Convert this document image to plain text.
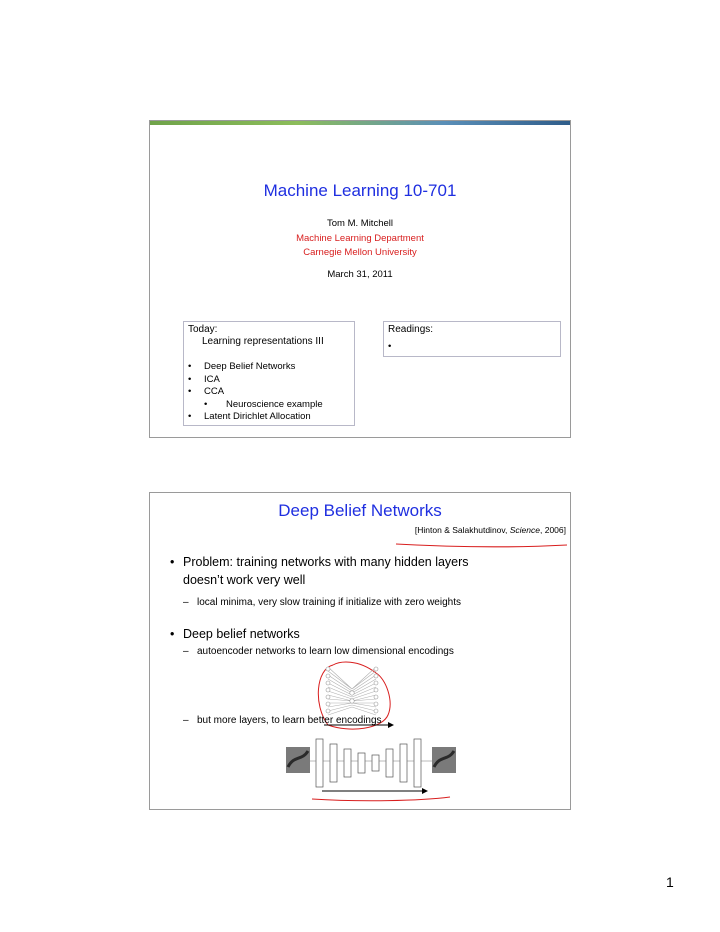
Machine Learning 10-701
Tom M. Mitchell
Machine Learning Department
Carnegie Mellon University
March 31, 2011
Today:
Learning representations III
• Deep Belief Networks
• ICA
• CCA
• Neuroscience example
• Latent Dirichlet Allocation
Readings:
•
Deep Belief Networks
[Hinton & Salakhutdinov, Science, 2006]
• Problem: training networks with many hidden layers
doesn’t work very well
– local minima, very slow training if initialize with zero weights
• Deep belief networks
– autoencoder networks to learn low dimensional encodings
– but more layers, to learn better encodings
1
